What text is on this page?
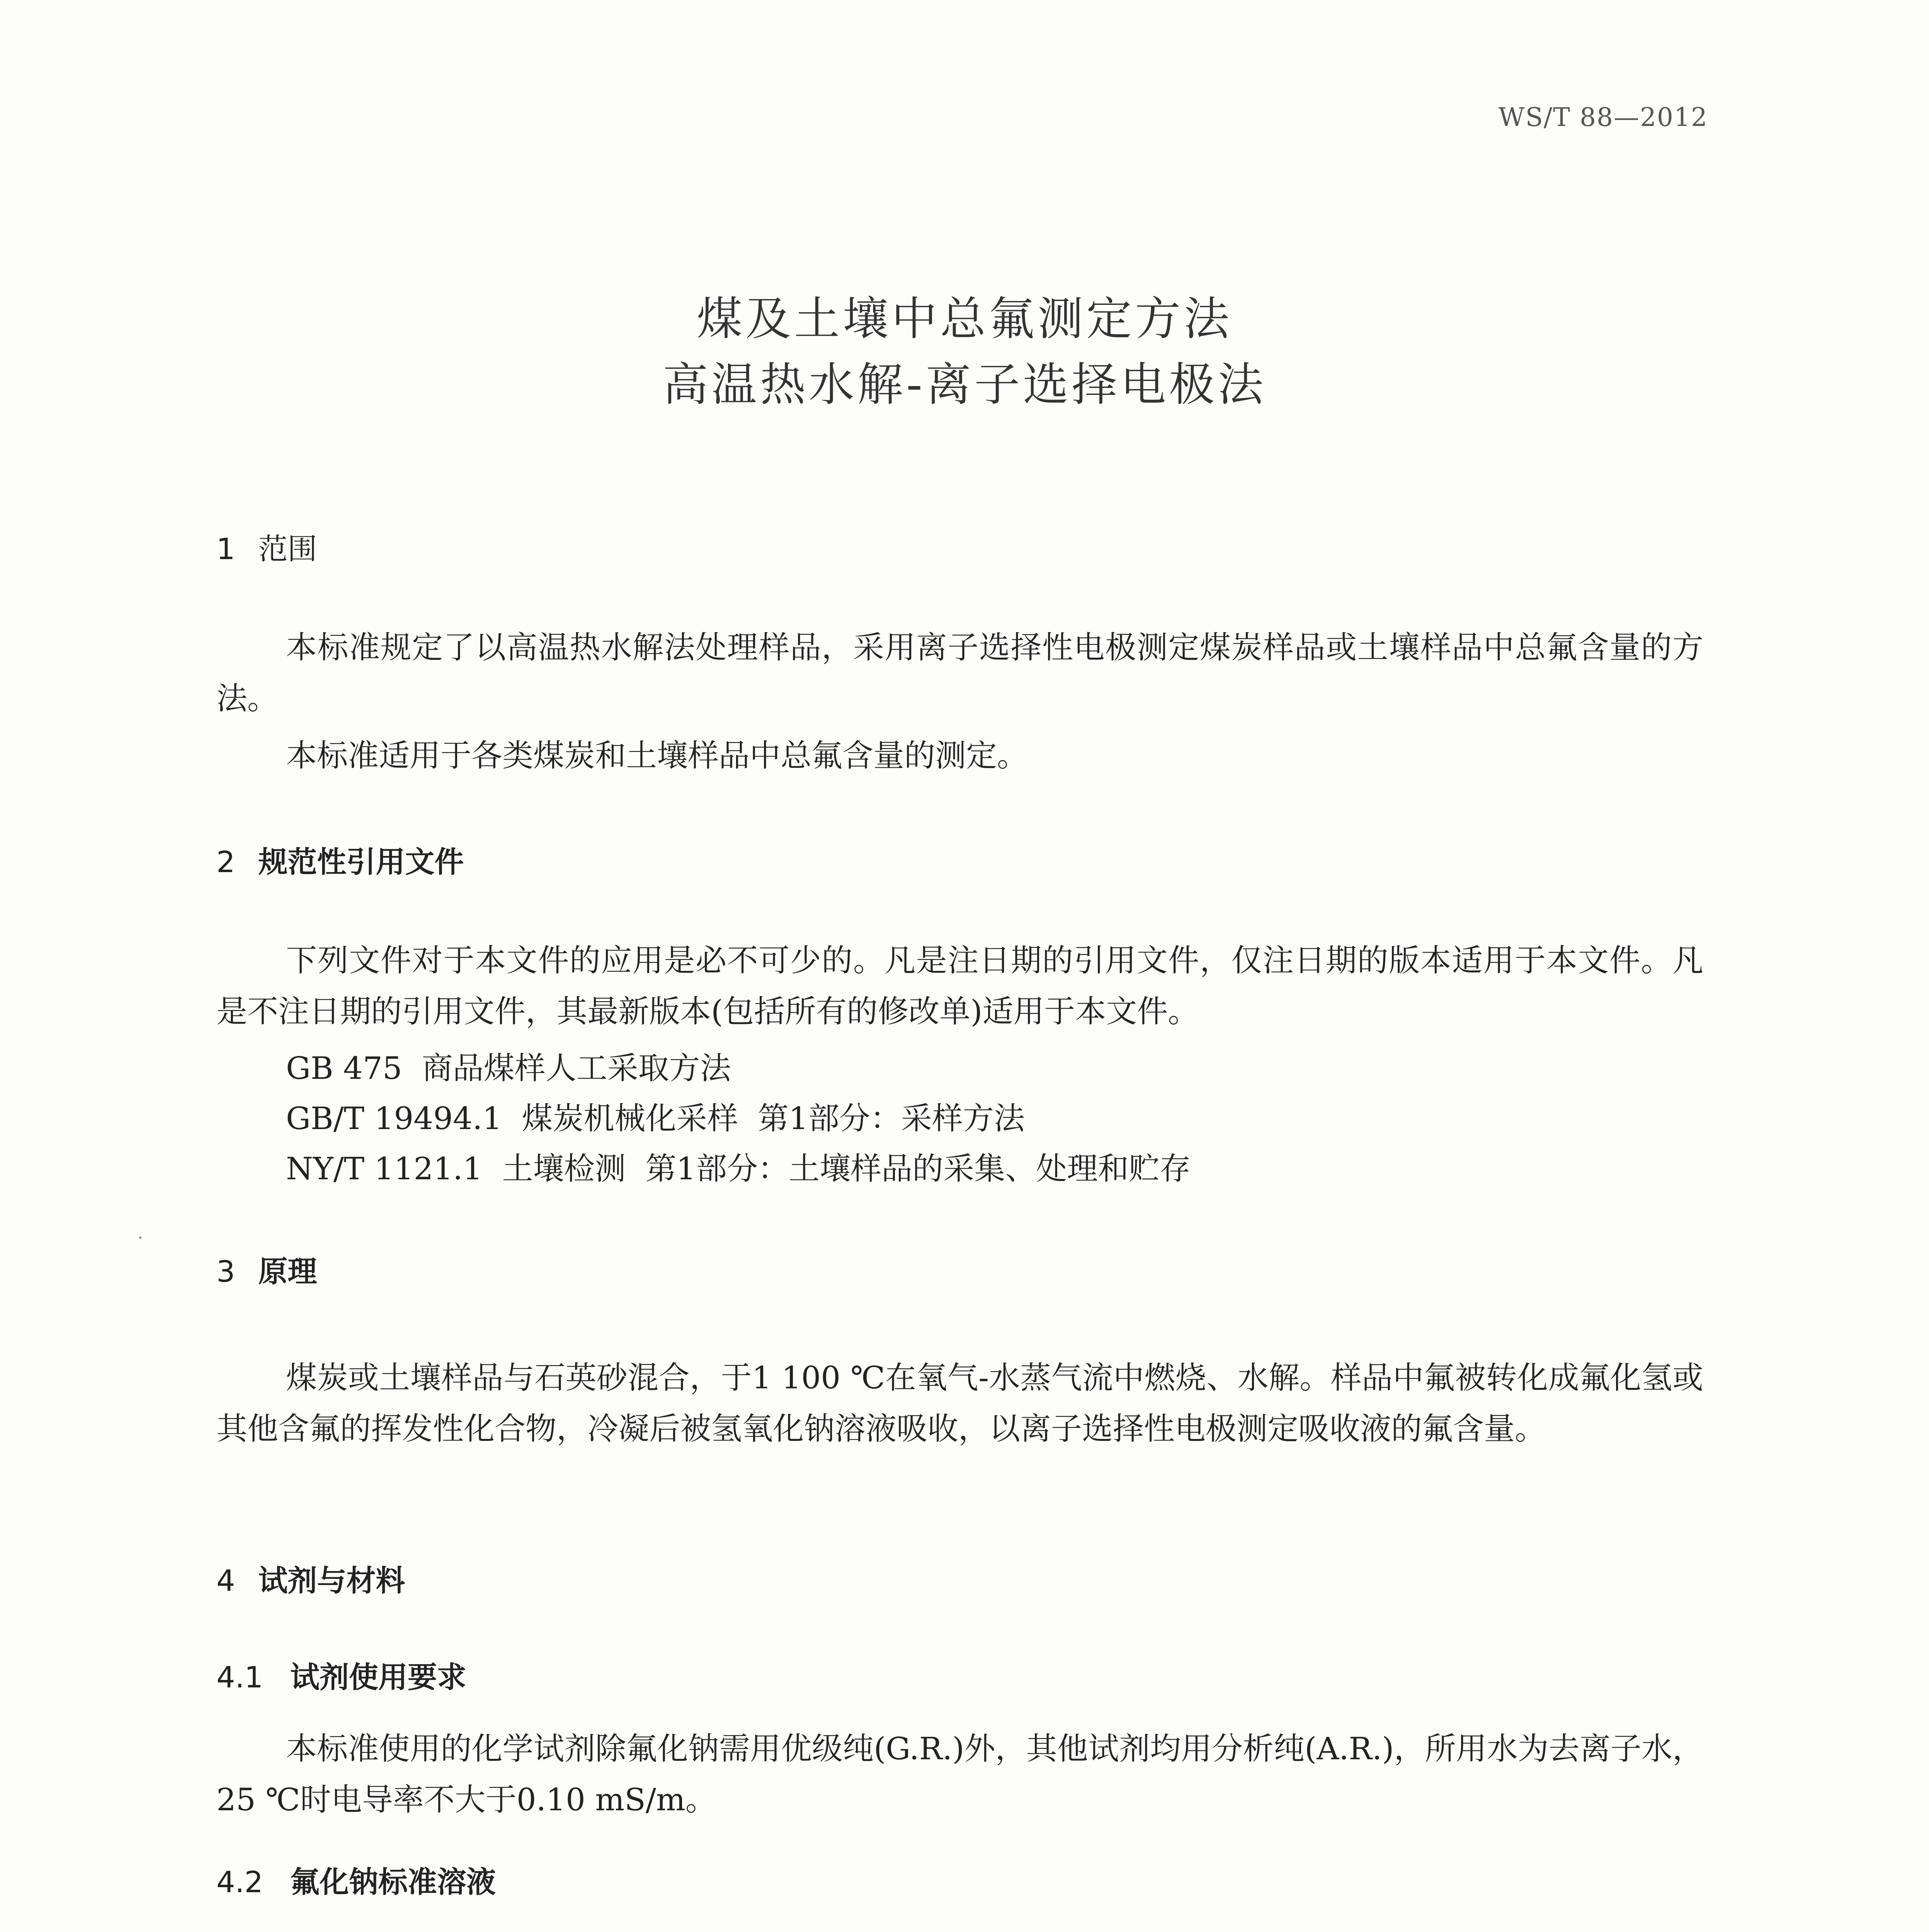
WS/T 88—2012
煤及土壤中总氟测定方法
高温热水解-离子选择电极法
1 范围
本标准规定了以高温热水解法处理样品，采用离子选择性电极测定煤炭样品或土壤样品中总氟含量的方法。
本标准适用于各类煤炭和土壤样品中总氟含量的测定。
2 规范性引用文件
下列文件对于本文件的应用是必不可少的。凡是注日期的引用文件，仅注日期的版本适用于本文件。凡是不注日期的引用文件，其最新版本(包括所有的修改单)适用于本文件。
GB 475  商品煤样人工采取方法
GB/T 19494.1  煤炭机械化采样  第1部分：采样方法
NY/T 1121.1  土壤检测  第1部分：土壤样品的采集、处理和贮存
3 原理
煤炭或土壤样品与石英砂混合，于1 100 ℃在氧气-水蒸气流中燃烧、水解。样品中氟被转化成氟化氢或其他含氟的挥发性化合物，冷凝后被氢氧化钠溶液吸收，以离子选择性电极测定吸收液的氟含量。
4 试剂与材料
4.1 试剂使用要求
本标准使用的化学试剂除氟化钠需用优级纯(G.R.)外，其他试剂均用分析纯(A.R.)，所用水为去离子水，25 ℃时电导率不大于0.10 mS/m。
4.2 氟化钠标准溶液
